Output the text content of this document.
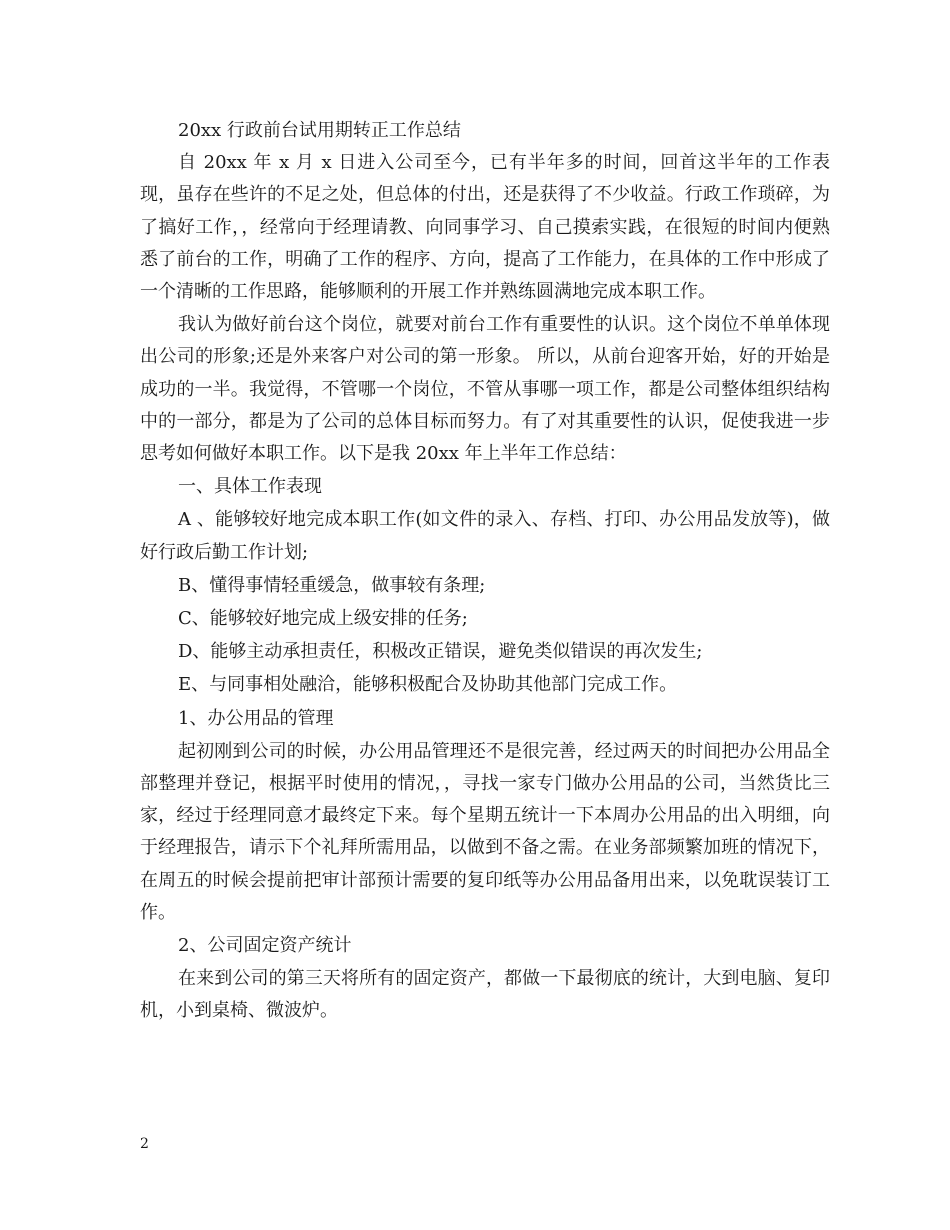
20xx 行政前台试用期转正工作总结

自 20xx 年 x 月 x 日进入公司至今，已有半年多的时间，回首这半年的工作表现，虽存在些许的不足之处，但总体的付出，还是获得了不少收益。行政工作琐碎，为了搞好工作，，经常向于经理请教、向同事学习、自己摸索实践，在很短的时间内便熟悉了前台的工作，明确了工作的程序、方向，提高了工作能力，在具体的工作中形成了一个清晰的工作思路，能够顺利的开展工作并熟练圆满地完成本职工作。

我认为做好前台这个岗位，就要对前台工作有重要性的认识。这个岗位不单单体现出公司的形象;还是外来客户对公司的第一形象。 所以，从前台迎客开始，好的开始是成功的一半。我觉得，不管哪一个岗位，不管从事哪一项工作，都是公司整体组织结构中的一部分，都是为了公司的总体目标而努力。有了对其重要性的认识，促使我进一步思考如何做好本职工作。以下是我 20xx 年上半年工作总结：

一、具体工作表现

A 、能够较好地完成本职工作(如文件的录入、存档、打印、办公用品发放等)，做好行政后勤工作计划;

B、懂得事情轻重缓急，做事较有条理;

C、能够较好地完成上级安排的任务;

D、能够主动承担责任，积极改正错误，避免类似错误的再次发生;

E、与同事相处融洽，能够积极配合及协助其他部门完成工作。

1、办公用品的管理

起初刚到公司的时候，办公用品管理还不是很完善，经过两天的时间把办公用品全部整理并登记，根据平时使用的情况，，寻找一家专门做办公用品的公司，当然货比三家，经过于经理同意才最终定下来。每个星期五统计一下本周办公用品的出入明细，向于经理报告，请示下个礼拜所需用品，以做到不备之需。在业务部频繁加班的情况下，在周五的时候会提前把审计部预计需要的复印纸等办公用品备用出来，以免耽误装订工作。

2、公司固定资产统计

在来到公司的第三天将所有的固定资产，都做一下最彻底的统计，大到电脑、复印机，小到桌椅、微波炉。

2
